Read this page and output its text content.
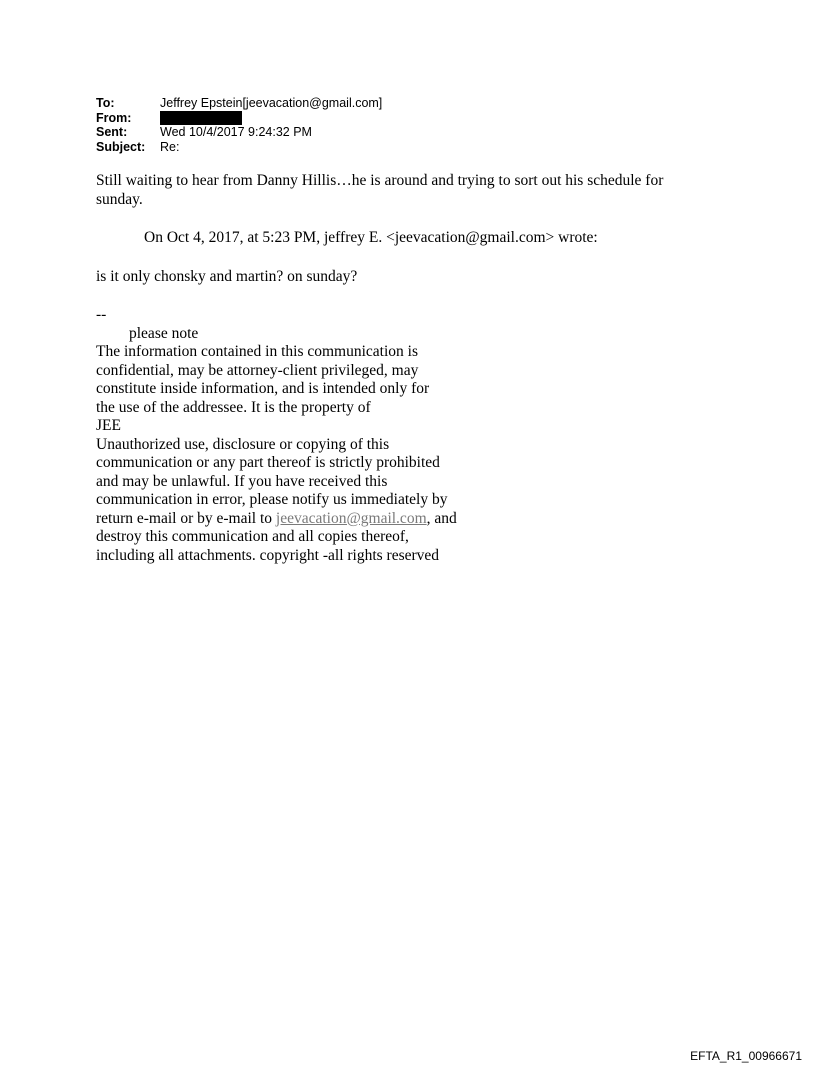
To:	Jeffrey Epstein[jeevacation@gmail.com]
From:
Sent:	Wed 10/4/2017 9:24:32 PM
Subject:	Re:

Still waiting to hear from Danny Hillis…he is around and trying to sort out his schedule for

sunday.

On Oct 4, 2017, at 5:23 PM, jeffrey E. <jeevacation@gmail.com> wrote:

is it only chonsky and martin? on sunday?

--

please note

The information contained in this communication is

confidential, may be attorney-client privileged, may

constitute inside information, and is intended only for

the use of the addressee. It is the property of

JEE

Unauthorized use, disclosure or copying of this

communication or any part thereof is strictly prohibited

and may be unlawful. If you have received this

communication in error, please notify us immediately by

return e-mail or by e-mail to jeevacation@gmail.com, and

destroy this communication and all copies thereof,

including all attachments. copyright -all rights reserved

EFTA_R1_00966671
